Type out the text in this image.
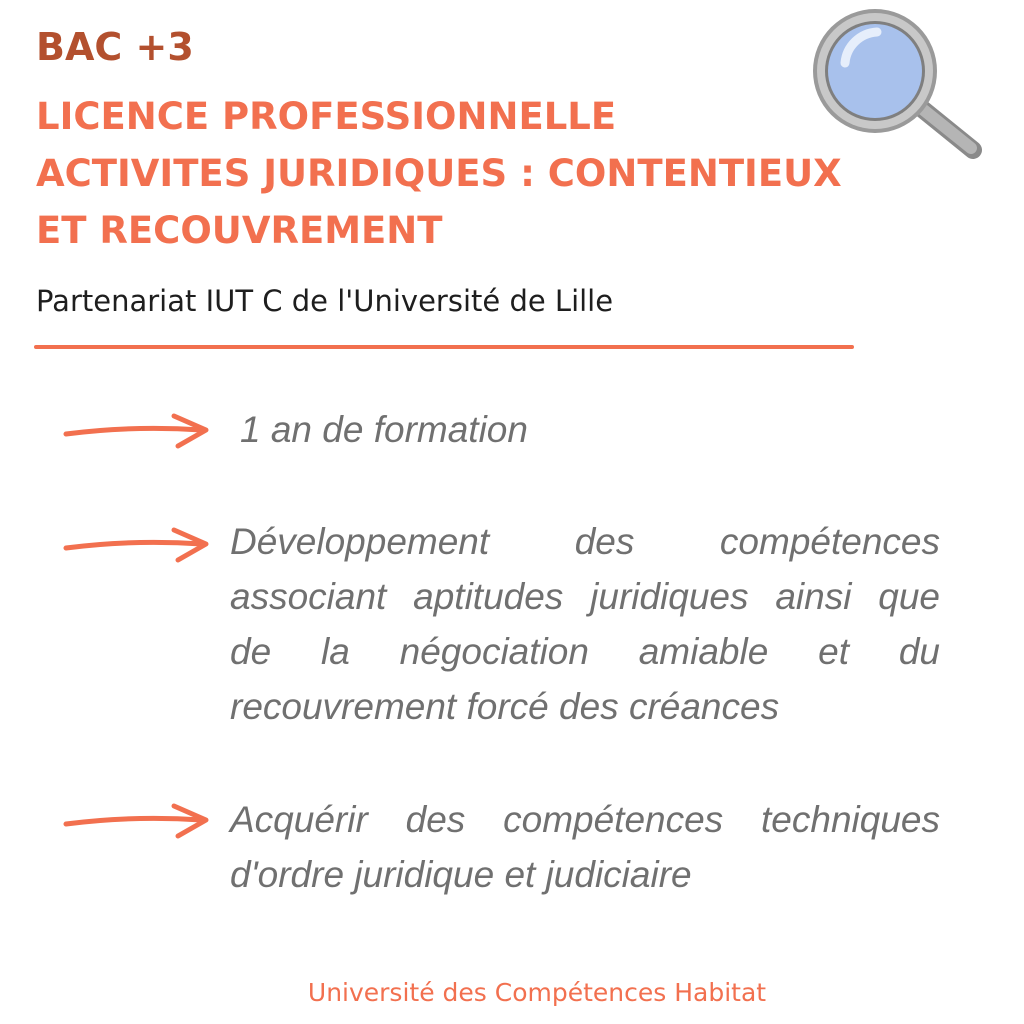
BAC +3
LICENCE PROFESSIONNELLE
ACTIVITES JURIDIQUES : CONTENTIEUX
ET RECOUVREMENT

Partenariat IUT C de l'Université de Lille

1 an de formation

Développement des compétences
associant aptitudes juridiques ainsi que
de la négociation amiable et du
recouvrement forcé des créances

Acquérir des compétences techniques
d'ordre juridique et judiciaire

Université des Compétences Habitat
